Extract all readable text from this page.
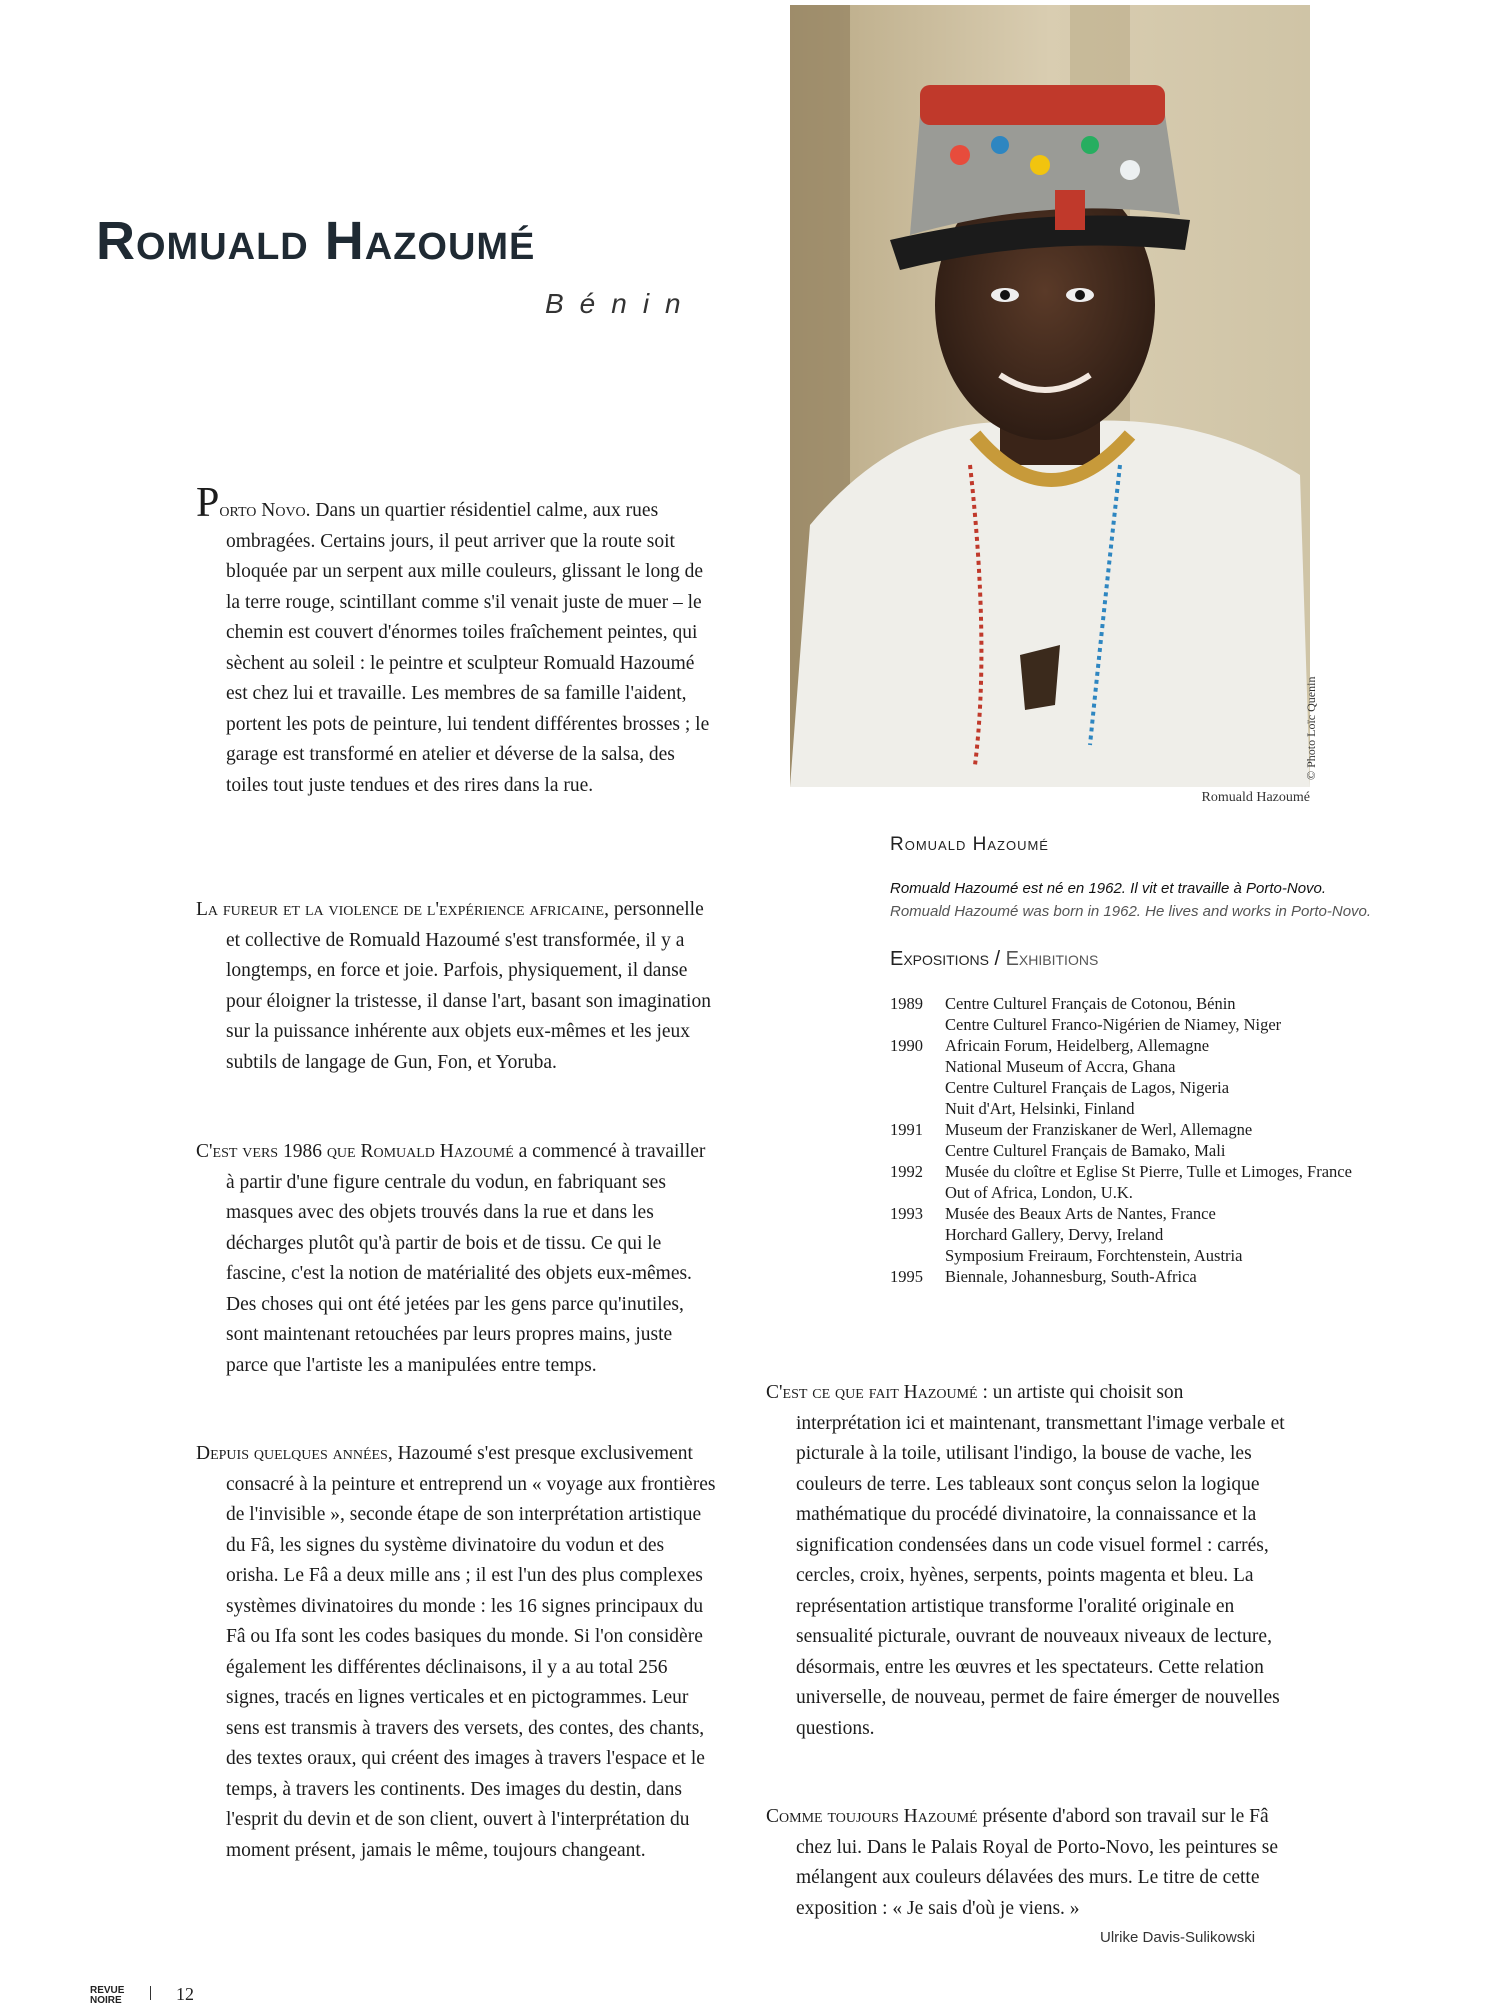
Romuald Hazoumé
Bénin
© Photo Loïc Quenin
Romuald Hazoumé

Porto Novo. Dans un quartier résidentiel calme, aux rues ombragées. Certains jours, il peut arriver que la route soit bloquée par un serpent aux mille couleurs, glissant le long de la terre rouge, scintillant comme s'il venait juste de muer – le chemin est couvert d'énormes toiles fraîchement peintes, qui sèchent au soleil : le peintre et sculpteur Romuald Hazoumé est chez lui et travaille. Les membres de sa famille l'aident, portent les pots de peinture, lui tendent différentes brosses ; le garage est transformé en atelier et déverse de la salsa, des toiles tout juste tendues et des rires dans la rue.

La fureur et la violence de l'expérience africaine, personnelle et collective de Romuald Hazoumé s'est transformée, il y a longtemps, en force et joie. Parfois, physiquement, il danse pour éloigner la tristesse, il danse l'art, basant son imagination sur la puissance inhérente aux objets eux-mêmes et les jeux subtils de langage de Gun, Fon, et Yoruba.

C'est vers 1986 que Romuald Hazoumé a commencé à travailler à partir d'une figure centrale du vodun, en fabriquant ses masques avec des objets trouvés dans la rue et dans les décharges plutôt qu'à partir de bois et de tissu. Ce qui le fascine, c'est la notion de matérialité des objets eux-mêmes. Des choses qui ont été jetées par les gens parce qu'inutiles, sont maintenant retouchées par leurs propres mains, juste parce que l'artiste les a manipulées entre temps.

Depuis quelques années, Hazoumé s'est presque exclusivement consacré à la peinture et entreprend un « voyage aux frontières de l'invisible », seconde étape de son interprétation artistique du Fâ, les signes du système divinatoire du vodun et des orisha. Le Fâ a deux mille ans ; il est l'un des plus complexes systèmes divinatoires du monde : les 16 signes principaux du Fâ ou Ifa sont les codes basiques du monde. Si l'on considère également les différentes déclinaisons, il y a au total 256 signes, tracés en lignes verticales et en pictogrammes. Leur sens est transmis à travers des versets, des contes, des chants, des textes oraux, qui créent des images à travers l'espace et le temps, à travers les continents. Des images du destin, dans l'esprit du devin et de son client, ouvert à l'interprétation du moment présent, jamais le même, toujours changeant.

Romuald Hazoumé
Romuald Hazoumé est né en 1962. Il vit et travaille à Porto-Novo.
Romuald Hazoumé was born in 1962. He lives and works in Porto-Novo.
Expositions / Exhibitions
1989	Centre Culturel Français de Cotonou, Bénin
Centre Culturel Franco-Nigérien de Niamey, Niger
1990	Africain Forum, Heidelberg, Allemagne
National Museum of Accra, Ghana
Centre Culturel Français de Lagos, Nigeria
Nuit d'Art, Helsinki, Finland
1991	Museum der Franziskaner de Werl, Allemagne
Centre Culturel Français de Bamako, Mali
1992	Musée du cloître et Eglise St Pierre, Tulle et Limoges, France
Out of Africa, London, U.K.
1993	Musée des Beaux Arts de Nantes, France
Horchard Gallery, Dervy, Ireland
Symposium Freiraum, Forchtenstein, Austria
1995	Biennale, Johannesburg, South-Africa

C'est ce que fait Hazoumé : un artiste qui choisit son interprétation ici et maintenant, transmettant l'image verbale et picturale à la toile, utilisant l'indigo, la bouse de vache, les couleurs de terre. Les tableaux sont conçus selon la logique mathématique du procédé divinatoire, la connaissance et la signification condensées dans un code visuel formel : carrés, cercles, croix, hyènes, serpents, points magenta et bleu. La représentation artistique transforme l'oralité originale en sensualité picturale, ouvrant de nouveaux niveaux de lecture, désormais, entre les œuvres et les spectateurs. Cette relation universelle, de nouveau, permet de faire émerger de nouvelles questions.

Comme toujours Hazoumé présente d'abord son travail sur le Fâ chez lui. Dans le Palais Royal de Porto-Novo, les peintures se mélangent aux couleurs délavées des murs. Le titre de cette exposition : « Je sais d'où je viens. »

Ulrike Davis-Sulikowski
REVUE
NOIRE	12
